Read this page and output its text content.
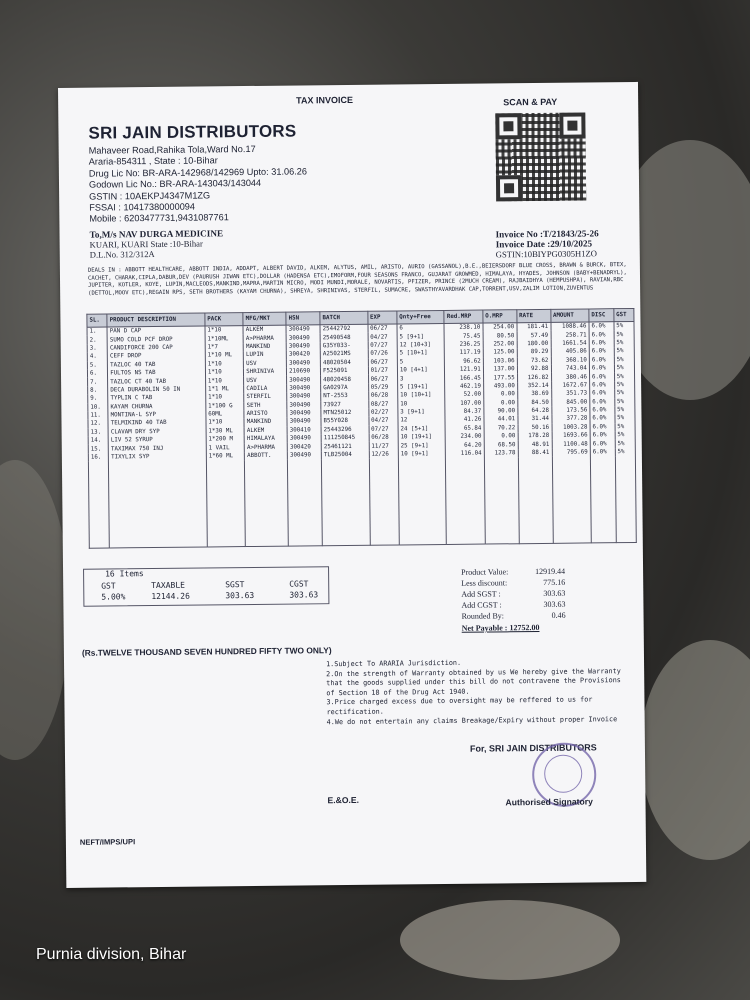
TAX INVOICE	SCAN & PAY
SRI JAIN DISTRIBUTORS
Mahaveer Road,Rahika Tola,Ward No.17
Araria-854311 , State : 10-Bihar
Drug Lic No: BR-ARA-142968/142969 Upto: 31.06.26
Godown Lic No.: BR-ARA-143043/143044
GSTIN : 10AEKPJ4347M1ZG
FSSAI : 10417380000094
Mobile : 6203477731,9431087761
To,M/s NAV DURGA MEDICINE
KUARI, KUARI State :10-Bihar
D.L.No. 312/312A
Invoice No :T/21843/25-26
Invoice Date :29/10/2025
GSTIN:10BIYPG0305H1ZO
DEALS IN : ABBOTT HEALTHCARE, ABBOTT INDIA, ADDAPT, ALBERT DAVID, ALKEM, ALYTUS, AMIL, ARISTO, AURIO (GASSANOL),B.E.,BEIERSDORF BLUE CROSS, BRAWN & BURCK, BTEX, CACHET, CHARAK,CIPLA,DABUR,DEV (PAURUSH JIWAN ETC),DOLLAR (HADENSA ETC),EMOFORM,FOUR SEASONS FRANCO, GUJARAT GROWMED, HIMALAYA, HYADES, JOHNSON (BABY+BENADRYL), JUPITER, KOTLER, KOYE, LUPIN,MACLEODS,MANKIND,MAPRA,MARTIN MICRO, MODI MUNDI,MORALE, NOVARTIS, PFIZER, PRINCE (2MUCH CREAM), RAJBAIDHYA (HEMPUSHPA), RAVIAN,RBC (DETTOL,MOOV ETC),REGAIN RPS, SETH BROTHERS (KAYAM CHURNA), SHREYA, SHRINIVAS, STERFIL, SUMACRE, SWASTHYAVARDHAK CAP,TORRENT,USV,ZALIM LOTION,ZUVENTUS
SL.	PRODUCT DESCRIPTION	PACK	MFG/MKT	HSN	BATCH	EXP	Qnty+Free	Red.MRP	O.MRP	RATE	AMOUNT	DISC	GST
1.	PAN D CAP	1*10	ALKEM	300490	25442792	06/27	6	238.10	254.00	181.41	1088.46	6.0%	5%
2.	SUMO COLD PCF DROP	1*10ML	A>PHARMA	300490	25490548	04/27	5 [9+1]	75.45	80.50	57.49	258.71	6.0%	5%
3.	CANDIFORCE 200 CAP	1*7	MANKIND	300490	G35Y033-	07/27	12 [10+3]	236.25	252.00	180.00	1661.54	6.0%	5%
4.	CEFF DROP	1*10 ML	LUPIN	300420	A25021MS	07/26	5 [10+1]	117.19	125.00	89.29	405.86	6.0%	5%
5.	TAZLOC 40 TAB	1*10	USV	300490	48020504	06/27	5	96.62	103.06	73.62	368.10	6.0%	5%
6.	FULTOS NS TAB	1*10	SHRINIVA	210690	F525091	01/27	10 [4+1]	121.91	137.00	92.88	743.04	6.0%	5%
7.	TAZLOC CT 40 TAB	1*10	USV	300490	48020458	06/27	3	166.45	177.55	126.82	380.46	6.0%	5%
8.	DECA DURABOLIN 50 IN	1*1 ML	CADILA	300490	GA0297A	05/29	5 [19+1]	462.19	493.00	352.14	1672.67	6.0%	5%
9.	TYPLIN C TAB	1*10	STERFIL	300490	NT-2553	06/28	10 [10+1]	52.00	0.00	38.69	351.73	6.0%	5%
10.	KAYAM CHURNA	1*100 G	SETH	300490	73927	08/27	10	107.00	0.00	84.50	845.00	6.0%	5%
11.	MONTINA-L SYP	60ML	ARISTO	300490	MTN25012	02/27	3 [9+1]	84.37	90.00	64.28	173.56	6.0%	5%
12.	TELMIKIND 40 TAB	1*10	MANKIND	300490	B55Y028	04/27	12	41.26	44.01	31.44	377.28	6.0%	5%
13.	CLAVAM DRY SYP	1*30 ML	ALKEM	300410	25443296	07/27	24 [5+1]	65.84	70.22	50.16	1003.28	6.0%	5%
14.	LIV 52 SYRUP	1*200 M	HIMALAYA	300490	111250845	06/28	10 [19+1]	234.00	0.00	178.28	1693.66	6.0%	5%
15.	TAXIMAX 750 INJ	1 VAIL	A>PHARMA	300420	25461121	11/27	25 [9+1]	64.20	68.50	48.91	1100.48	6.0%	5%
16.	TIXYLIX SYP	1*60 ML	ABBOTT.	300490	TLB25004	12/26	10 [9+1]	116.04	123.78	88.41	795.69	6.0%	5%

16 Items
GST	TAXABLE	SGST	CGST
5.00%	12144.26	303.63	303.63
Product Value:	12919.44
Less discount:	775.16
Add SGST :	303.63
Add CGST :	303.63
Rounded By:	0.46
Net Payable : 12752.00
(Rs.TWELVE THOUSAND SEVEN HUNDRED FIFTY TWO ONLY)
1.Subject To ARARIA Jurisdiction.
2.On the strength of Warranty obtained by us We hereby give the Warranty that the goods supplied under this bill do not contravene the Provisions of Section 18 of the Drug Act 1940.
3.Price charged excess due to oversight may be reffered to us for rectification.
4.We do not entertain any claims Breakage/Expiry without proper Invoice
For, SRI JAIN DISTRIBUTORS
E.&O.E.	Authorised Signatory
NEFT/IMPS/UPI
Purnia division, Bihar
